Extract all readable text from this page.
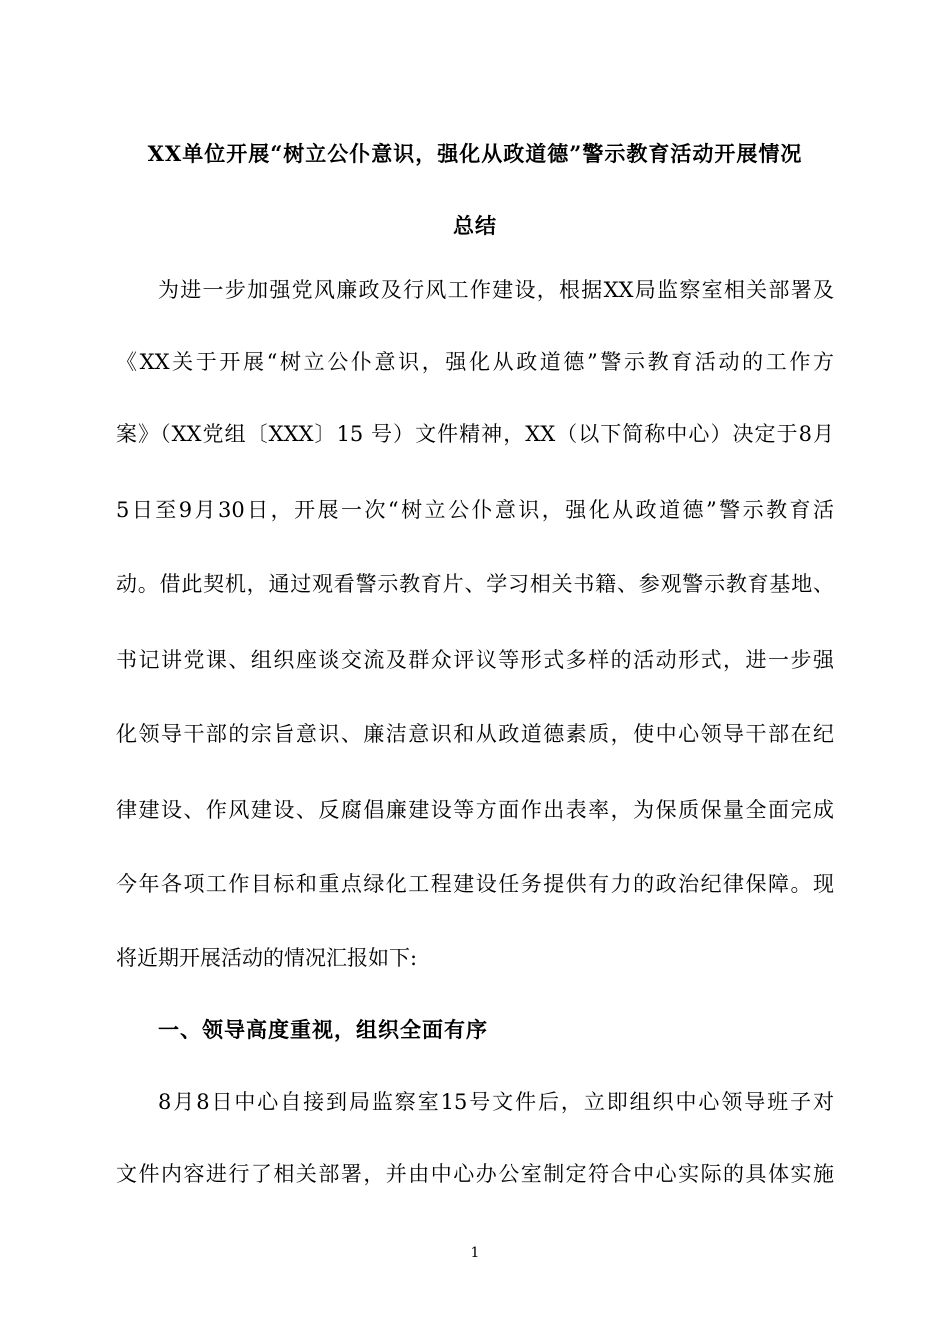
XX单位开展“树立公仆意识，强化从政道德”警示教育活动开展情况
总结
为进一步加强党风廉政及行风工作建设，根据XX局监察室相关部署及
《XX关于开展“树立公仆意识，强化从政道德”警示教育活动的工作方
案》（XX党组〔XXX〕15 号）文件精神，XX（以下简称中心）决定于8月
5日至9月30日，开展一次“树立公仆意识，强化从政道德”警示教育活
动。借此契机，通过观看警示教育片、学习相关书籍、参观警示教育基地、
书记讲党课、组织座谈交流及群众评议等形式多样的活动形式，进一步强
化领导干部的宗旨意识、廉洁意识和从政道德素质，使中心领导干部在纪
律建设、作风建设、反腐倡廉建设等方面作出表率，为保质保量全面完成
今年各项工作目标和重点绿化工程建设任务提供有力的政治纪律保障。现
将近期开展活动的情况汇报如下:
一、领导高度重视，组织全面有序
8月8日中心自接到局监察室15号文件后，立即组织中心领导班子对
文件内容进行了相关部署，并由中心办公室制定符合中心实际的具体实施
1
